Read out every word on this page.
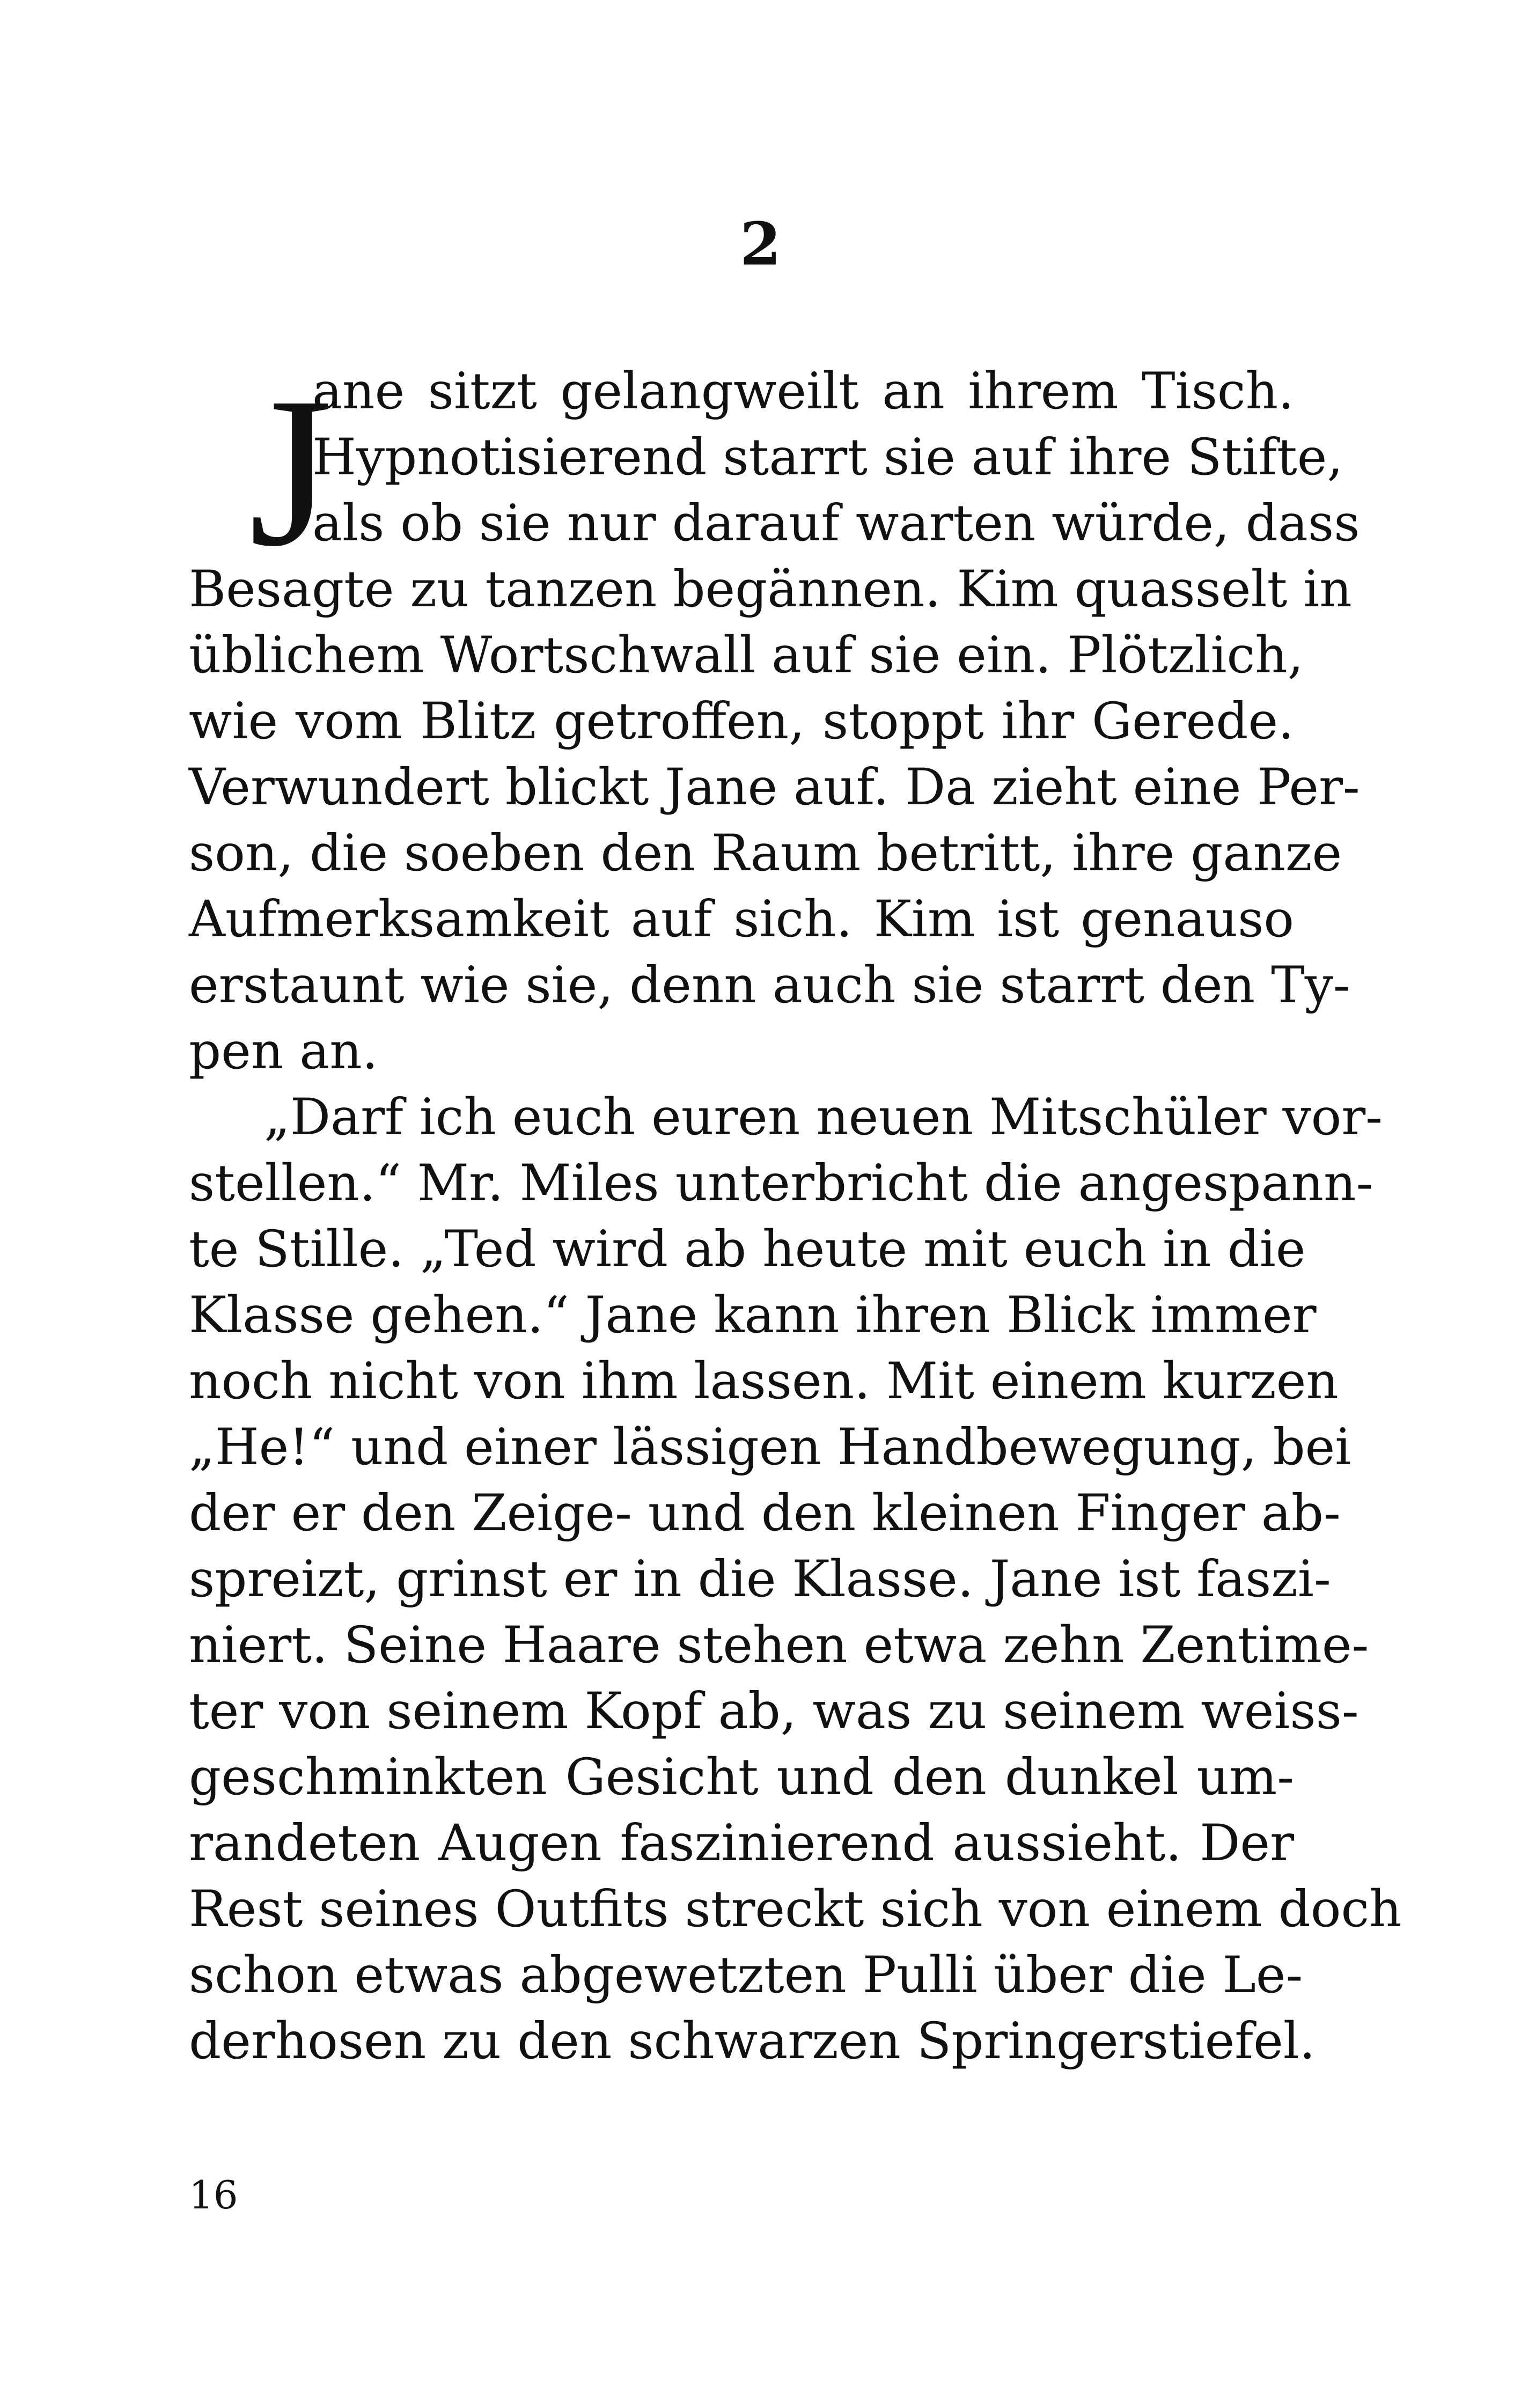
2
J
ane sitzt gelangweilt an ihrem Tisch.
Hypnotisierend starrt sie auf ihre Stifte,
als ob sie nur darauf warten würde, dass
Besagte zu tanzen begännen. Kim quasselt in
üblichem Wortschwall auf sie ein. Plötzlich,
wie vom Blitz getroffen, stoppt ihr Gerede.
Verwundert blickt Jane auf. Da zieht eine Per-
son, die soeben den Raum betritt, ihre ganze
Aufmerksamkeit auf sich. Kim ist genauso
erstaunt wie sie, denn auch sie starrt den Ty-
pen an.
„Darf ich euch euren neuen Mitschüler vor-
stellen.“ Mr. Miles unterbricht die angespann-
te Stille. „Ted wird ab heute mit euch in die
Klasse gehen.“ Jane kann ihren Blick immer
noch nicht von ihm lassen. Mit einem kurzen
„He!“ und einer lässigen Handbewegung, bei
der er den Zeige- und den kleinen Finger ab-
spreizt, grinst er in die Klasse. Jane ist faszi-
niert. Seine Haare stehen etwa zehn Zentime-
ter von seinem Kopf ab, was zu seinem weiss-
geschminkten Gesicht und den dunkel um-
randeten Augen faszinierend aussieht. Der
Rest seines Outfits streckt sich von einem doch
schon etwas abgewetzten Pulli über die Le-
derhosen zu den schwarzen Springerstiefel.
16
